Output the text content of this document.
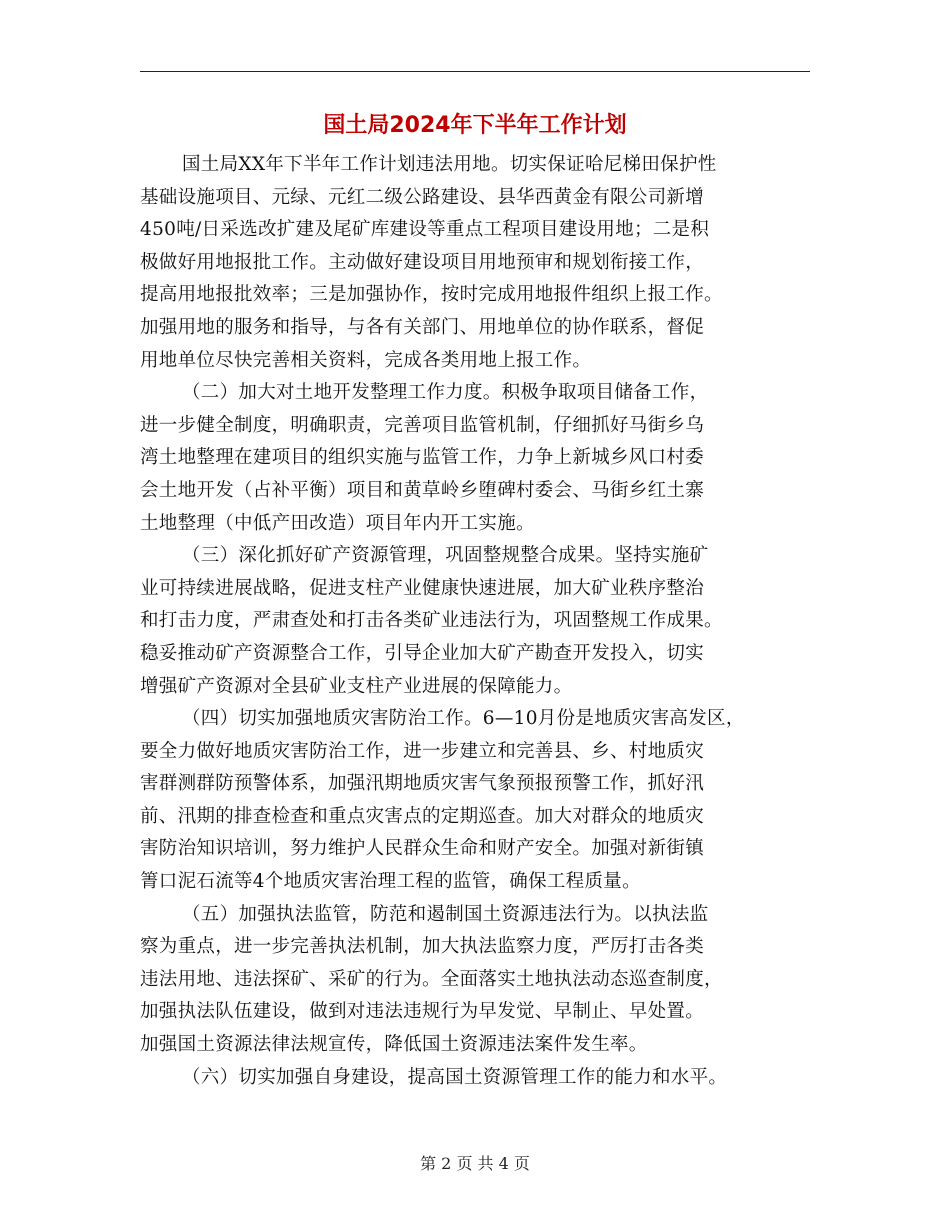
国土局2024年下半年工作计划
国土局XX年下半年工作计划违法用地。切实保证哈尼梯田保护性
基础设施项目、元绿、元红二级公路建设、县华西黄金有限公司新增
450吨/日采选改扩建及尾矿库建设等重点工程项目建设用地；二是积
极做好用地报批工作。主动做好建设项目用地预审和规划衔接工作，
提高用地报批效率；三是加强协作，按时完成用地报件组织上报工作。
加强用地的服务和指导，与各有关部门、用地单位的协作联系，督促
用地单位尽快完善相关资料，完成各类用地上报工作。
（二）加大对土地开发整理工作力度。积极争取项目储备工作，
进一步健全制度，明确职责，完善项目监管机制，仔细抓好马街乡乌
湾土地整理在建项目的组织实施与监管工作，力争上新城乡风口村委
会土地开发（占补平衡）项目和黄草岭乡堕碑村委会、马街乡红土寨
土地整理（中低产田改造）项目年内开工实施。
（三）深化抓好矿产资源管理，巩固整规整合成果。坚持实施矿
业可持续进展战略，促进支柱产业健康快速进展，加大矿业秩序整治
和打击力度，严肃查处和打击各类矿业违法行为，巩固整规工作成果。
稳妥推动矿产资源整合工作，引导企业加大矿产勘查开发投入，切实
增强矿产资源对全县矿业支柱产业进展的保障能力。
（四）切实加强地质灾害防治工作。6—10月份是地质灾害高发区，
要全力做好地质灾害防治工作，进一步建立和完善县、乡、村地质灾
害群测群防预警体系，加强汛期地质灾害气象预报预警工作，抓好汛
前、汛期的排查检查和重点灾害点的定期巡查。加大对群众的地质灾
害防治知识培训，努力维护人民群众生命和财产安全。加强对新街镇
箐口泥石流等4个地质灾害治理工程的监管，确保工程质量。
（五）加强执法监管，防范和遏制国土资源违法行为。以执法监
察为重点，进一步完善执法机制，加大执法监察力度，严厉打击各类
违法用地、违法探矿、采矿的行为。全面落实土地执法动态巡查制度，
加强执法队伍建设，做到对违法违规行为早发觉、早制止、早处置。
加强国土资源法律法规宣传，降低国土资源违法案件发生率。
（六）切实加强自身建设，提高国土资源管理工作的能力和水平。
第 2 页 共 4 页
